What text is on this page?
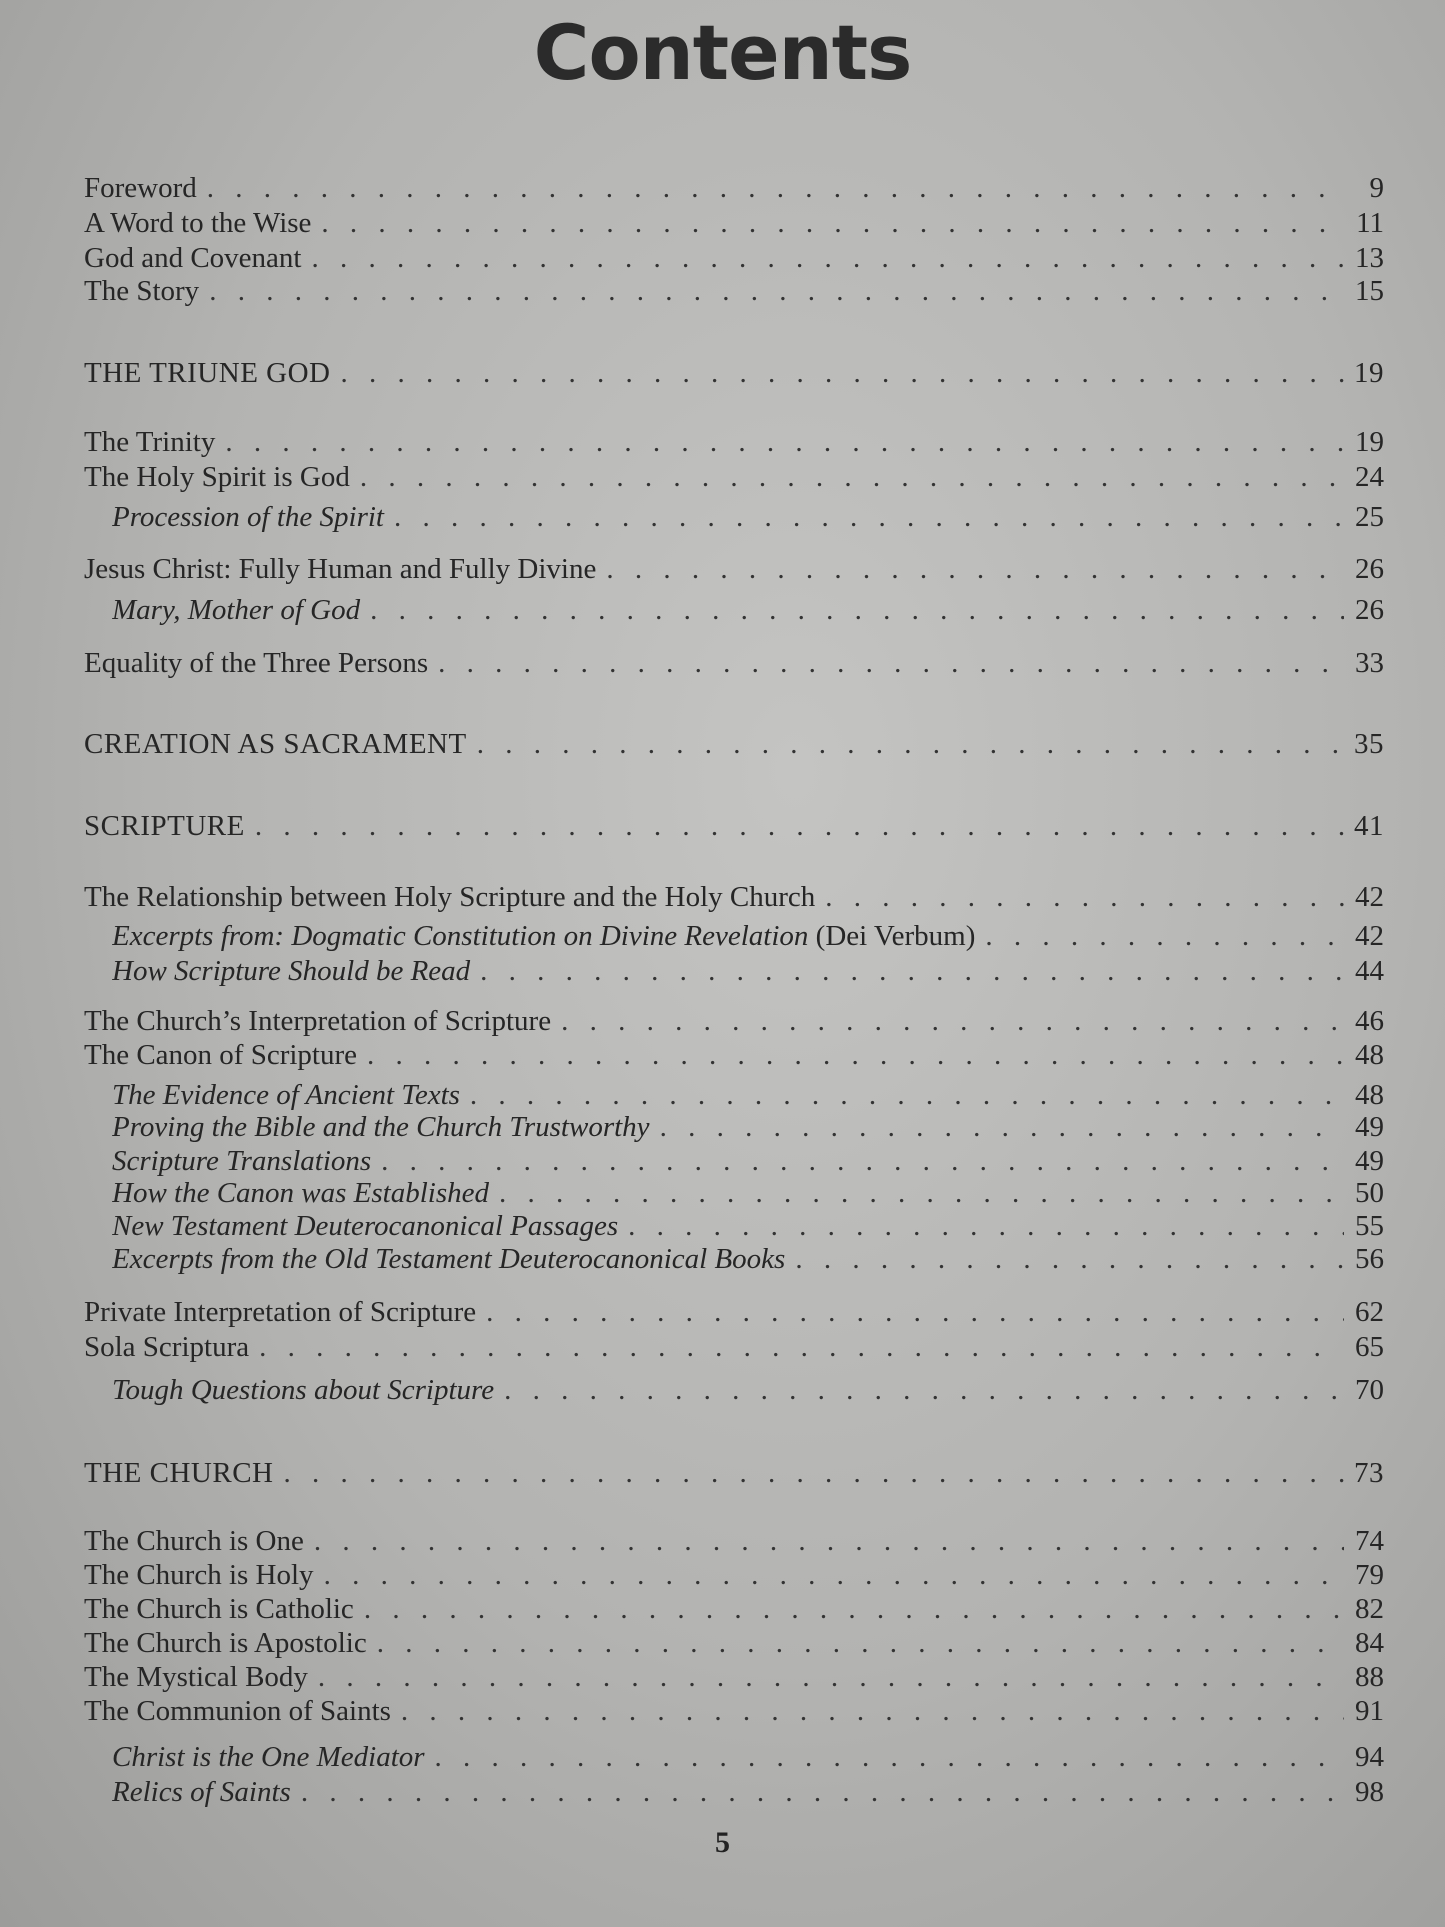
Contents
Foreword . . .	9
A Word to the Wise . . .	11
God and Covenant . . .	13
The Story . . .	15
THE TRIUNE GOD . . .	19
The Trinity . . .	19
The Holy Spirit is God . . .	24
Procession of the Spirit . . .	25
Jesus Christ: Fully Human and Fully Divine . . .	26
Mary, Mother of God . . .	26
Equality of the Three Persons . . .	33
CREATION AS SACRAMENT . . .	35
SCRIPTURE . . .	41
The Relationship between Holy Scripture and the Holy Church . . .	42
Excerpts from: Dogmatic Constitution on Divine Revelation (Dei Verbum) . . .	42
How Scripture Should be Read . . .	44
The Church’s Interpretation of Scripture . . .	46
The Canon of Scripture . . .	48
The Evidence of Ancient Texts . . .	48
Proving the Bible and the Church Trustworthy . . .	49
Scripture Translations . . .	49
How the Canon was Established . . .	50
New Testament Deuterocanonical Passages . . .	55
Excerpts from the Old Testament Deuterocanonical Books . . .	56
Private Interpretation of Scripture . . .	62
Sola Scriptura . . .	65
Tough Questions about Scripture . . .	70
THE CHURCH . . .	73
The Church is One . . .	74
The Church is Holy . . .	79
The Church is Catholic . . .	82
The Church is Apostolic . . .	84
The Mystical Body . . .	88
The Communion of Saints . . .	91
Christ is the One Mediator . . .	94
Relics of Saints . . .	98
5
